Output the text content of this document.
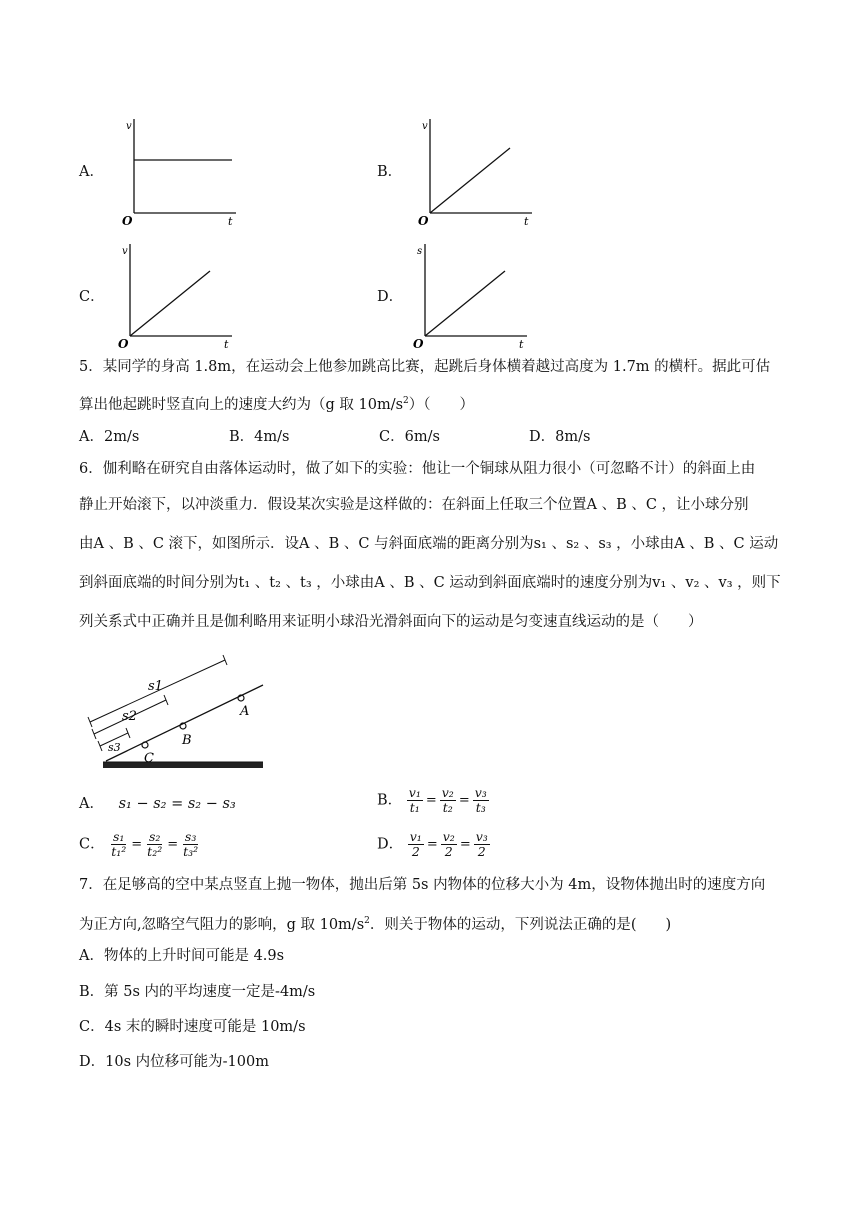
A．
v
t
O
B．
v
t
O
C．
v
t
O
D．
s
t
O
5．某同学的身高 1.8m，在运动会上他参加跳高比赛，起跳后身体横着越过高度为 1.7m 的横杆。据此可估
算出他起跳时竖直向上的速度大约为（g 取 $10m/s^2$）（　　）
A．2m/s	B．4m/s	C．6m/s	D．8m/s
6．伽利略在研究自由落体运动时，做了如下的实验：他让一个铜球从阻力很小（可忽略不计）的斜面上由
静止开始滚下，以冲淡重力．假设某次实验是这样做的：在斜面上任取三个位置A 、B 、C ，让小球分别
由A 、B 、C 滚下，如图所示．设A 、B 、C 与斜面底端的距离分别为s₁ 、s₂ 、s₃ ，小球由A 、B 、C 运动
到斜面底端的时间分别为t₁ 、t₂ 、t₃ ，小球由A 、B 、C 运动到斜面底端时的速度分别为v₁ 、v₂ 、v₃ ，则下
列关系式中正确并且是伽利略用来证明小球沿光滑斜面向下的运动是匀变速直线运动的是（　　）
A
B
C
s1
s2
s3
A． s₁ − s₂ = s₂ − s₃	B． $\frac{\text{v₁}}{\text{t₁}} = \frac{\text{v₂}}{\text{t₂}} = \frac{\text{v₃}}{\text{t₃}}$
C． $\frac{\text{s₁}}{\text{t₁²}} = \frac{\text{s₂}}{\text{t₂²}} = \frac{\text{s₃}}{\text{t₃²}}$	D． $\frac{\text{v₁}}{2} = \frac{\text{v₂}}{2} = \frac{\text{v₃}}{2}$
7．在足够高的空中某点竖直上抛一物体，抛出后第 5s 内物体的位移大小为 4m，设物体抛出时的速度方向
为正方向,忽略空气阻力的影响，g 取 $10m/s^2$．则关于物体的运动，下列说法正确的是(　　)
A．物体的上升时间可能是 4.9s
B．第 5s 内的平均速度一定是-4m/s
C．4s 末的瞬时速度可能是 10m/s
D．10s 内位移可能为-100m
